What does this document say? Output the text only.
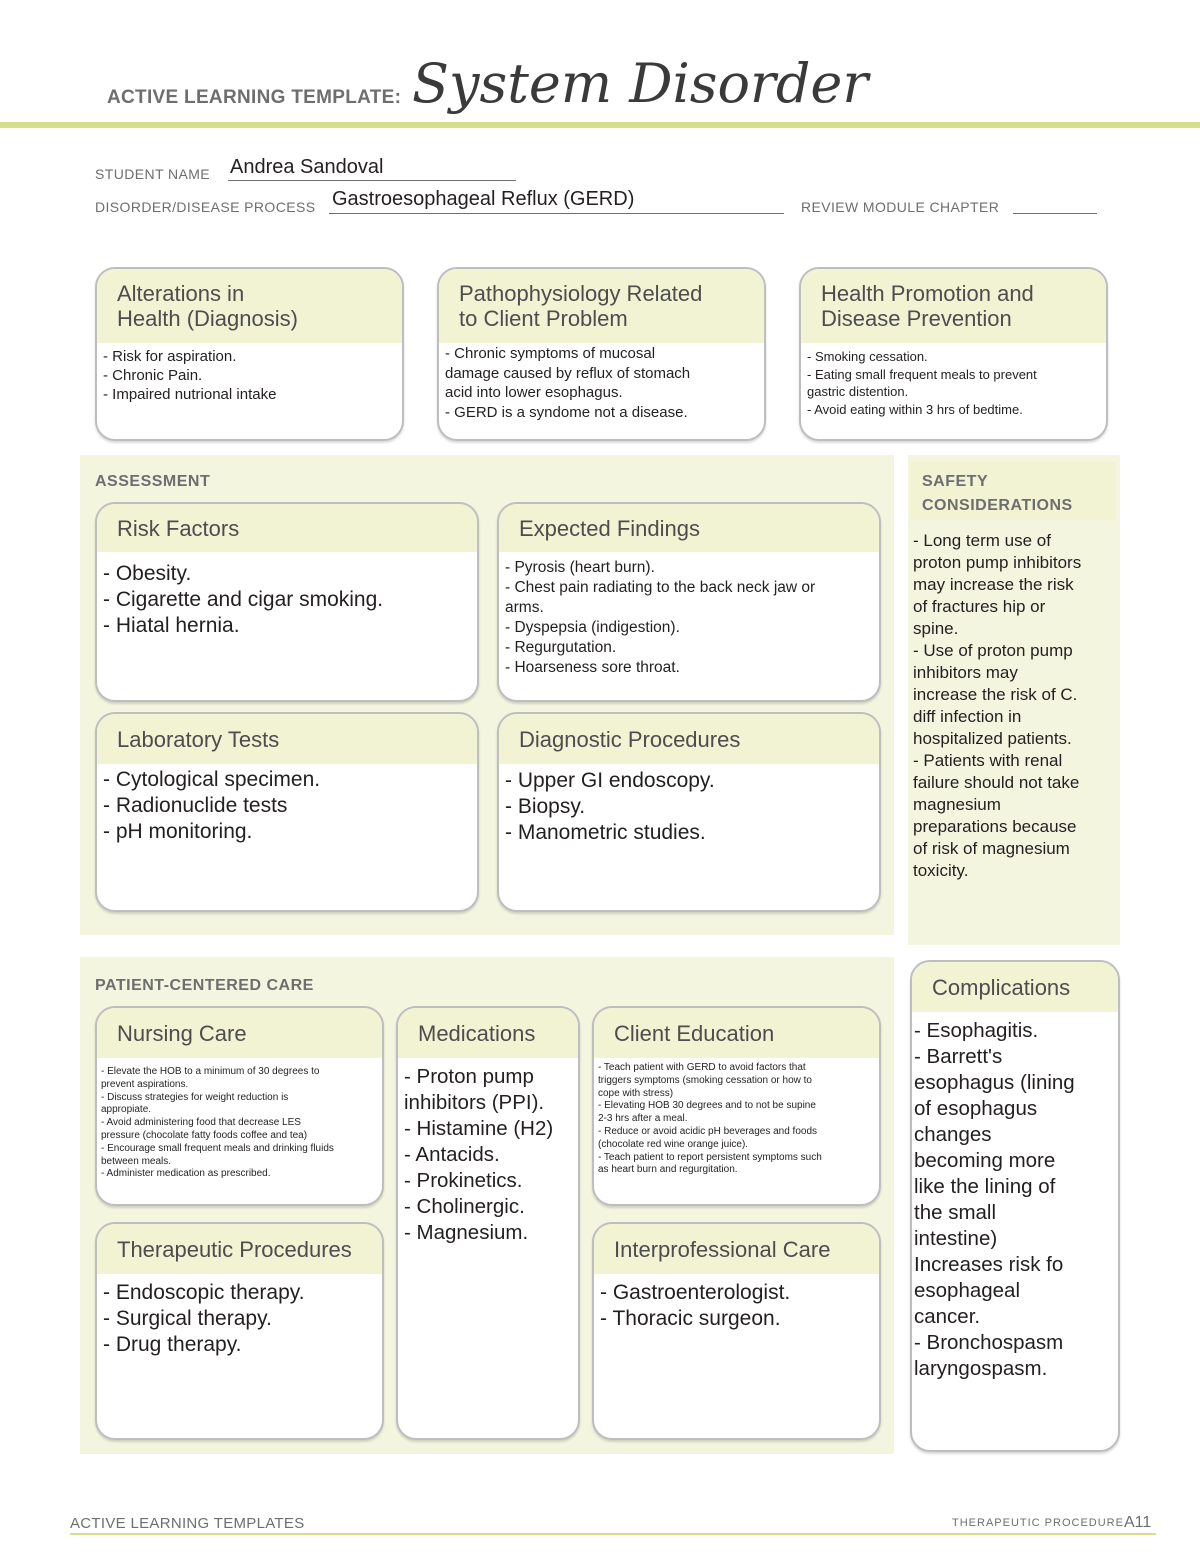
ACTIVE LEARNING TEMPLATE: System Disorder
STUDENT NAME Andrea Sandoval
DISORDER/DISEASE PROCESS Gastroesophageal Reflux (GERD)	REVIEW MODULE CHAPTER
Alterations in
Health (Diagnosis)
- Risk for aspiration.
- Chronic Pain.
- Impaired nutrional intake
Pathophysiology Related
to Client Problem
- Chronic symptoms of mucosal
damage caused by reflux of stomach
acid into lower esophagus.
- GERD is a syndome not a disease.
Health Promotion and
Disease Prevention
- Smoking cessation.
- Eating small frequent meals to prevent
gastric distention.
- Avoid eating within 3 hrs of bedtime.
ASSESSMENT
Risk Factors
- Obesity.
- Cigarette and cigar smoking.
- Hiatal hernia.
Expected Findings
- Pyrosis (heart burn).
- Chest pain radiating to the back neck jaw or
arms.
- Dyspepsia (indigestion).
- Regurgutation.
- Hoarseness sore throat.
Laboratory Tests
- Cytological specimen.
- Radionuclide tests
- pH monitoring.
Diagnostic Procedures
- Upper GI endoscopy.
- Biopsy.
- Manometric studies.
SAFETY
CONSIDERATIONS
- Long term use of
proton pump inhibitors
may increase the risk
of fractures hip or
spine.
- Use of proton pump
inhibitors may
increase the risk of C.
diff infection in
hospitalized patients.
- Patients with renal
failure should not take
magnesium
preparations because
of risk of magnesium
toxicity.
PATIENT-CENTERED CARE
Nursing Care
- Elevate the HOB to a minimum of 30 degrees to
prevent aspirations.
- Discuss strategies for weight reduction is
appropiate.
- Avoid administering food that decrease LES
pressure (chocolate fatty foods coffee and tea)
- Encourage small frequent meals and drinking fluids
between meals.
- Administer medication as prescribed.
Medications
- Proton pump
inhibitors (PPI).
- Histamine (H2)
- Antacids.
- Prokinetics.
- Cholinergic.
- Magnesium.
Client Education
- Teach patient with GERD to avoid factors that
triggers symptoms (smoking cessation or how to
cope with stress)
- Elevating HOB 30 degrees and to not be supine
2-3 hrs after a meal.
- Reduce or avoid acidic pH beverages and foods
(chocolate red wine orange juice).
- Teach patient to report persistent symptoms such
as heart burn and regurgitation.
Therapeutic Procedures
- Endoscopic therapy.
- Surgical therapy.
- Drug therapy.
Interprofessional Care
- Gastroenterologist.
- Thoracic surgeon.
Complications
- Esophagitis.
- Barrett's
esophagus (lining
of esophagus
changes
becoming more
like the lining of
the small
intestine)
Increases risk fo
esophageal
cancer.
- Bronchospasm
laryngospasm.
ACTIVE LEARNING TEMPLATES	THERAPEUTIC PROCEDURE A11
